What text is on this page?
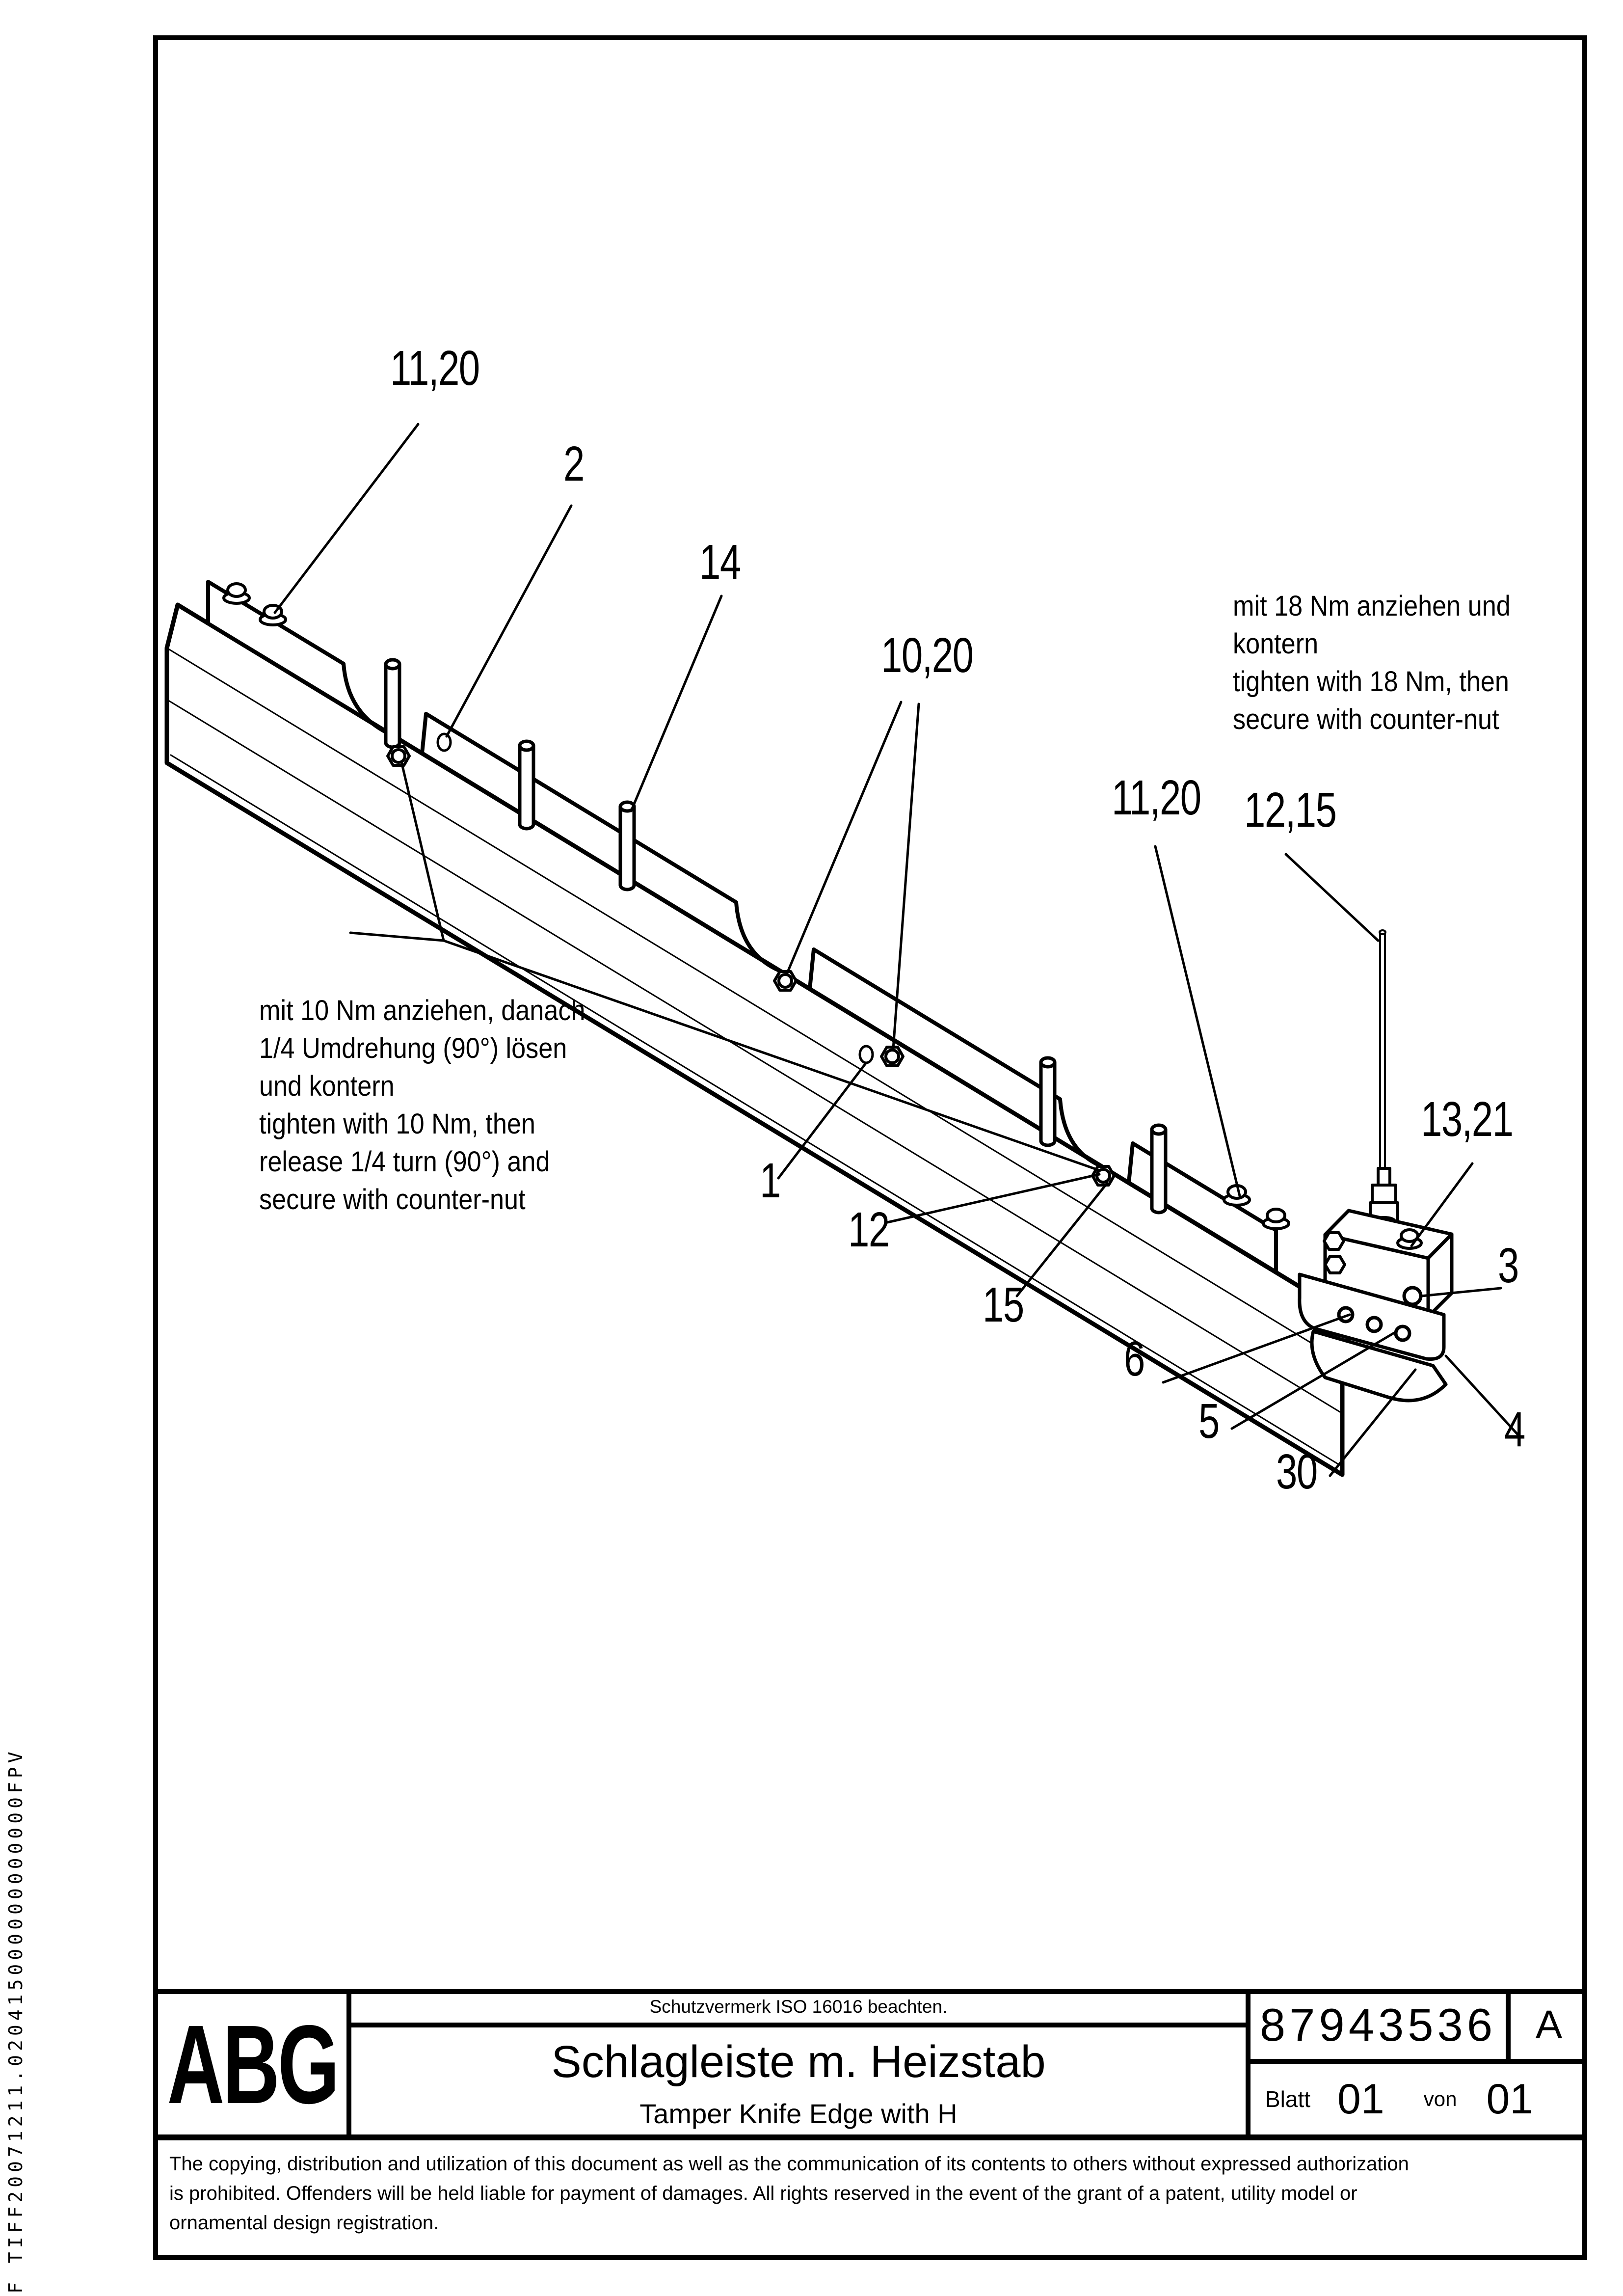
11,20
2
14
10,20
11,20 12,15
13,21
1
12
15
3
6
5
30
4
mit 10 Nm anziehen, danach
1/4 Umdrehung (90°) lösen
und kontern
tighten with 10 Nm, then
release 1/4 turn (90°) and
secure with counter-nut
mit 18 Nm anziehen und
kontern
tighten with 18 Nm, then
secure with counter-nut
ABG	Schutzvermerk ISO 16016 beachten.
Schlagleiste m. Heizstab
Tamper Knife Edge with H
87943536 A
Blatt 01 von 01
The copying, distribution and utilization of this document as well as the communication of its contents to others without expressed authorization
is prohibited. Offenders will be held liable for payment of damages. All rights reserved in the event of the grant of a patent, utility model or
ornamental design registration.
F TIFF20071211.020415000000000000FPV
